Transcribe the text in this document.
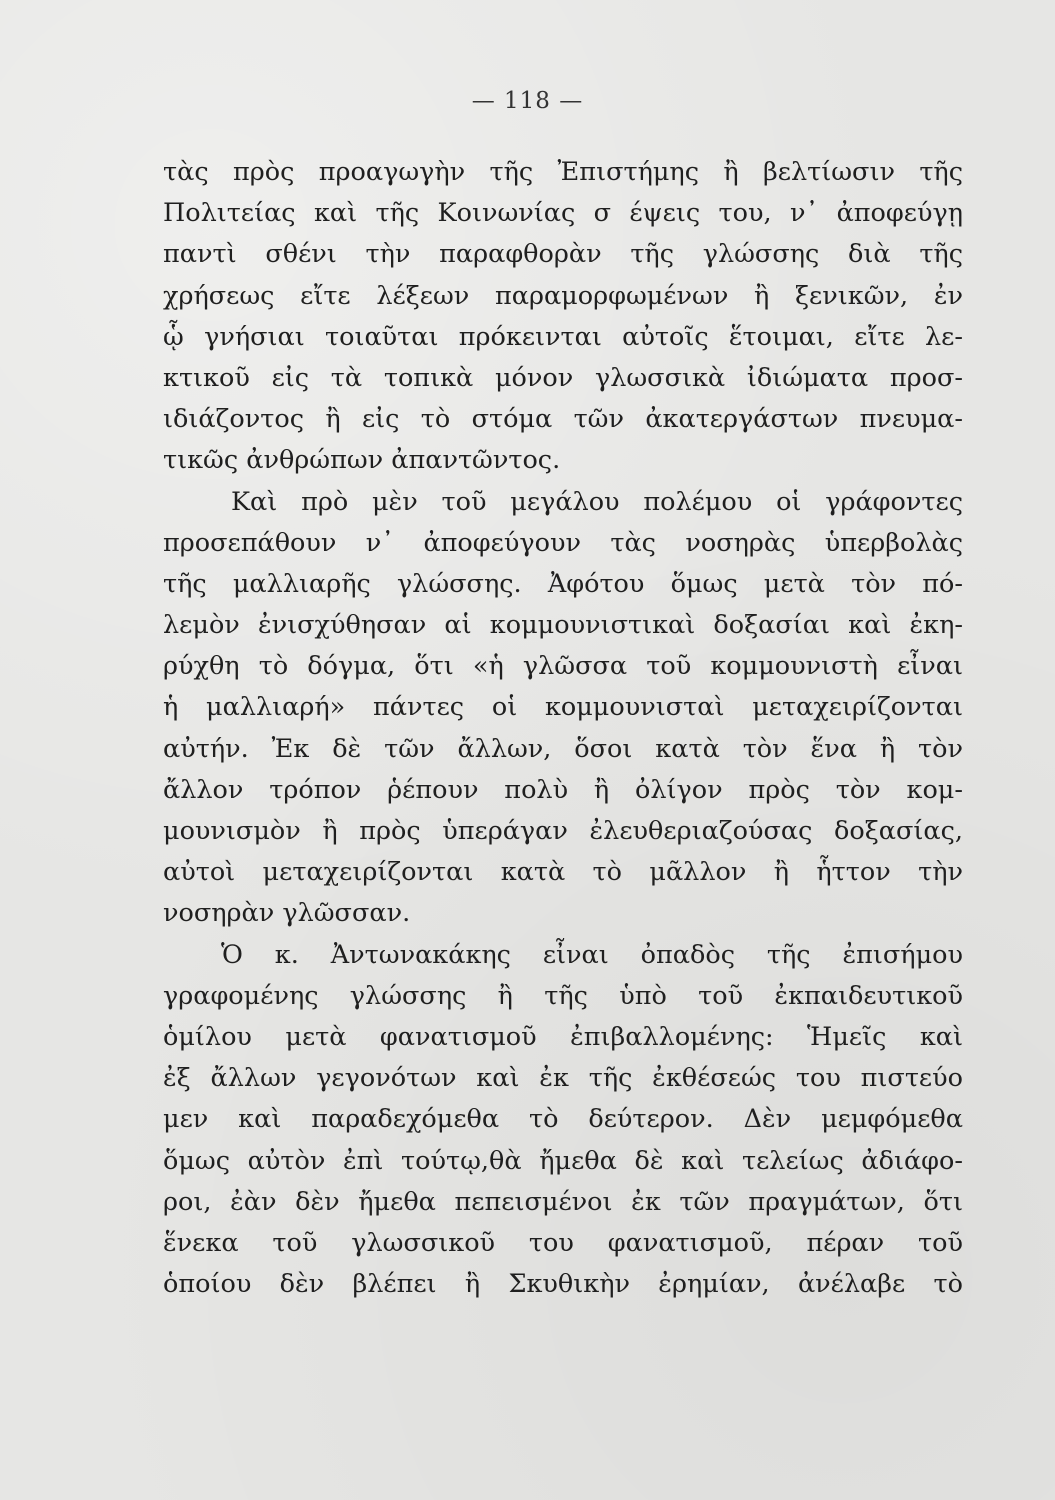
— 118 —
τὰς πρὸς προαγωγὴν τῆς Ἐπιστήμης ἢ βελτίωσιν τῆς
Πολιτείας καὶ τῆς Κοινωνίας σ έψεις του, ν᾽ ἀποφεύγῃ
παντὶ σθένι τὴν παραφθορὰν τῆς γλώσσης διὰ τῆς
χρήσεως εἴτε λέξεων παραμορφωμένων ἢ ξενικῶν, ἐν
ᾧ γνήσιαι τοιαῦται πρόκεινται αὐτοῖς ἕτοιμαι, εἴτε λε-
κτικοῦ εἰς τὰ τοπικὰ μόνον γλωσσικὰ ἰδιώματα προσ-
ιδιάζοντος ἢ εἰς τὸ στόμα τῶν ἀκατεργάστων πνευμα-
τικῶς ἀνθρώπων ἀπαντῶντος.
Καὶ πρὸ μὲν τοῦ μεγάλου πολέμου οἱ γράφοντες
προσεπάθουν ν᾽ ἀποφεύγουν τὰς νοσηρὰς ὑπερβολὰς
τῆς μαλλιαρῆς γλώσσης. Ἀφότου ὅμως μετὰ τὸν πό-
λεμὸν ἐνισχύθησαν αἱ κομμουνιστικαὶ δοξασίαι καὶ ἐκη-
ρύχθη τὸ δόγμα, ὅτι «ἡ γλῶσσα τοῦ κομμουνιστὴ εἶναι
ἡ μαλλιαρή» πάντες οἱ κομμουνισταὶ μεταχειρίζονται
αὐτήν. Ἐκ δὲ τῶν ἄλλων, ὅσοι κατὰ τὸν ἕνα ἢ τὸν
ἄλλον τρόπον ῥέπουν πολὺ ἢ ὀλίγον πρὸς τὸν κομ-
μουνισμὸν ἢ πρὸς ὑπεράγαν ἐλευθεριαζούσας δοξασίας,
αὐτοὶ μεταχειρίζονται κατὰ τὸ μᾶλλον ἢ ἧττον τὴν
νοσηρὰν γλῶσσαν.
Ὁ κ. Ἀντωνακάκης εἶναι ὀπαδὸς τῆς ἐπισήμου
γραφομένης γλώσσης ἢ τῆς ὑπὸ τοῦ ἐκπαιδευτικοῦ
ὁμίλου μετὰ φανατισμοῦ ἐπιβαλλομένης: Ἡμεῖς καὶ
ἐξ ἄλλων γεγονότων καὶ ἐκ τῆς ἐκθέσεώς του πιστεύο
μεν καὶ παραδεχόμεθα τὸ δεύτερον. Δὲν μεμφόμεθα
ὅμως αὐτὸν ἐπὶ τούτῳ,θὰ ἤμεθα δὲ καὶ τελείως ἀδιάφο-
ροι, ἐὰν δὲν ἤμεθα πεπεισμένοι ἐκ τῶν πραγμάτων, ὅτι
ἕνεκα τοῦ γλωσσικοῦ του φανατισμοῦ, πέραν τοῦ
ὁποίου δὲν βλέπει ἢ Σκυθικὴν ἐρημίαν, ἀνέλαβε τὸ
